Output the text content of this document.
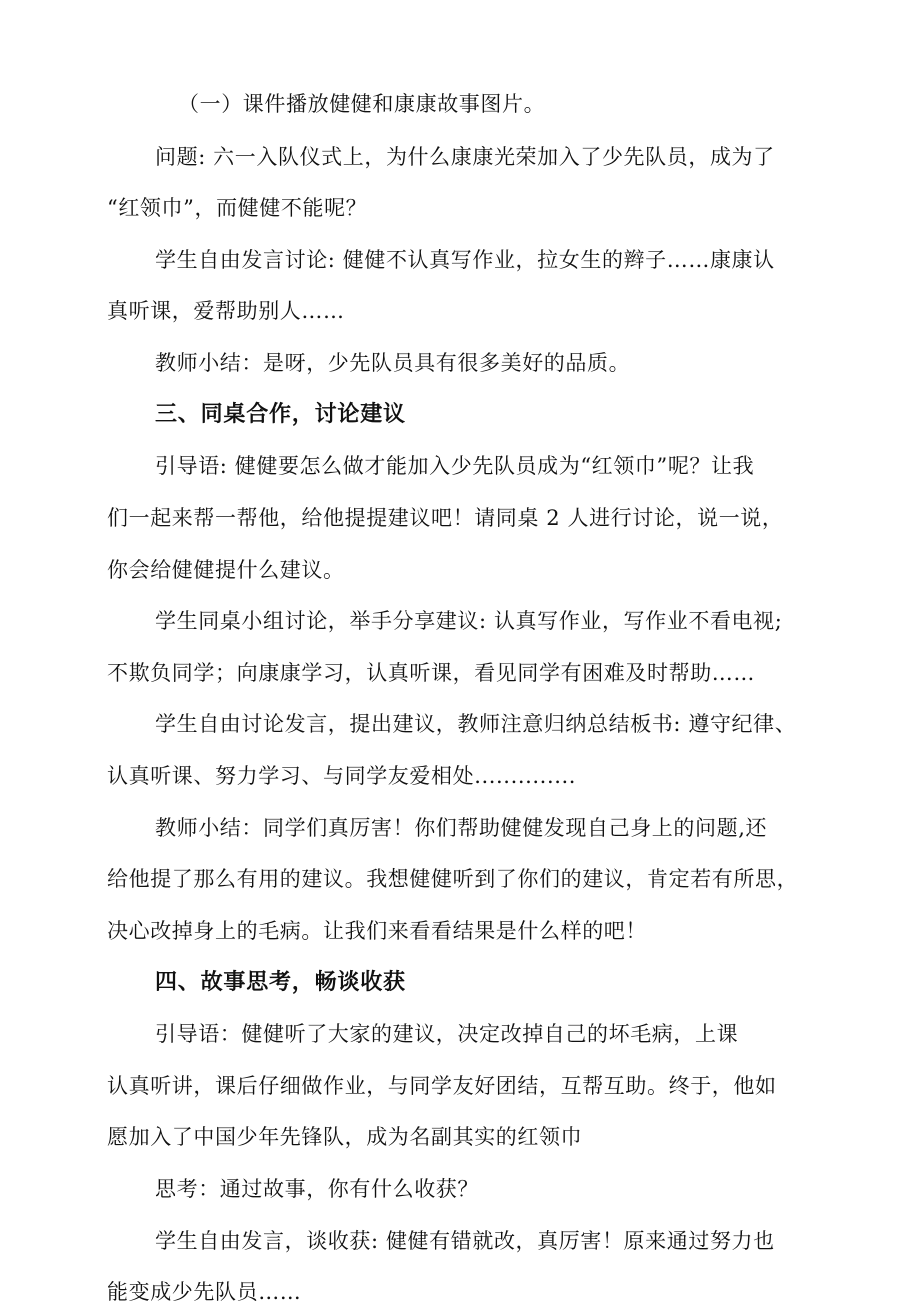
（一）课件播放健健和康康故事图片。
问题: 六一入队仪式上，为什么康康光荣加入了少先队员，成为了
“红领巾”，而健健不能呢？
学生自由发言讨论: 健健不认真写作业，拉女生的辫子……康康认
真听课，爱帮助别人……
教师小结：是呀，少先队员具有很多美好的品质。
三、同桌合作，讨论建议
引导语: 健健要怎么做才能加入少先队员成为“红领巾”呢？让我
们一起来帮一帮他，给他提提建议吧！请同桌 2 人进行讨论，说一说，
你会给健健提什么建议。
学生同桌小组讨论，举手分享建议: 认真写作业，写作业不看电视;
不欺负同学；向康康学习，认真听课，看见同学有困难及时帮助……
学生自由讨论发言，提出建议，教师注意归纳总结板书: 遵守纪律、
认真听课、努力学习、与同学友爱相处..............
教师小结：同学们真厉害！你们帮助健健发现自己身上的问题,还
给他提了那么有用的建议。我想健健听到了你们的建议，肯定若有所思，
决心改掉身上的毛病。让我们来看看结果是什么样的吧！
四、故事思考，畅谈收获
引导语：健健听了大家的建议，决定改掉自己的坏毛病，上课
认真听讲，课后仔细做作业，与同学友好团结，互帮互助。终于，他如
愿加入了中国少年先锋队，成为名副其实的红领巾
思考：通过故事，你有什么收获？
学生自由发言，谈收获: 健健有错就改，真厉害！原来通过努力也
能变成少先队员……
